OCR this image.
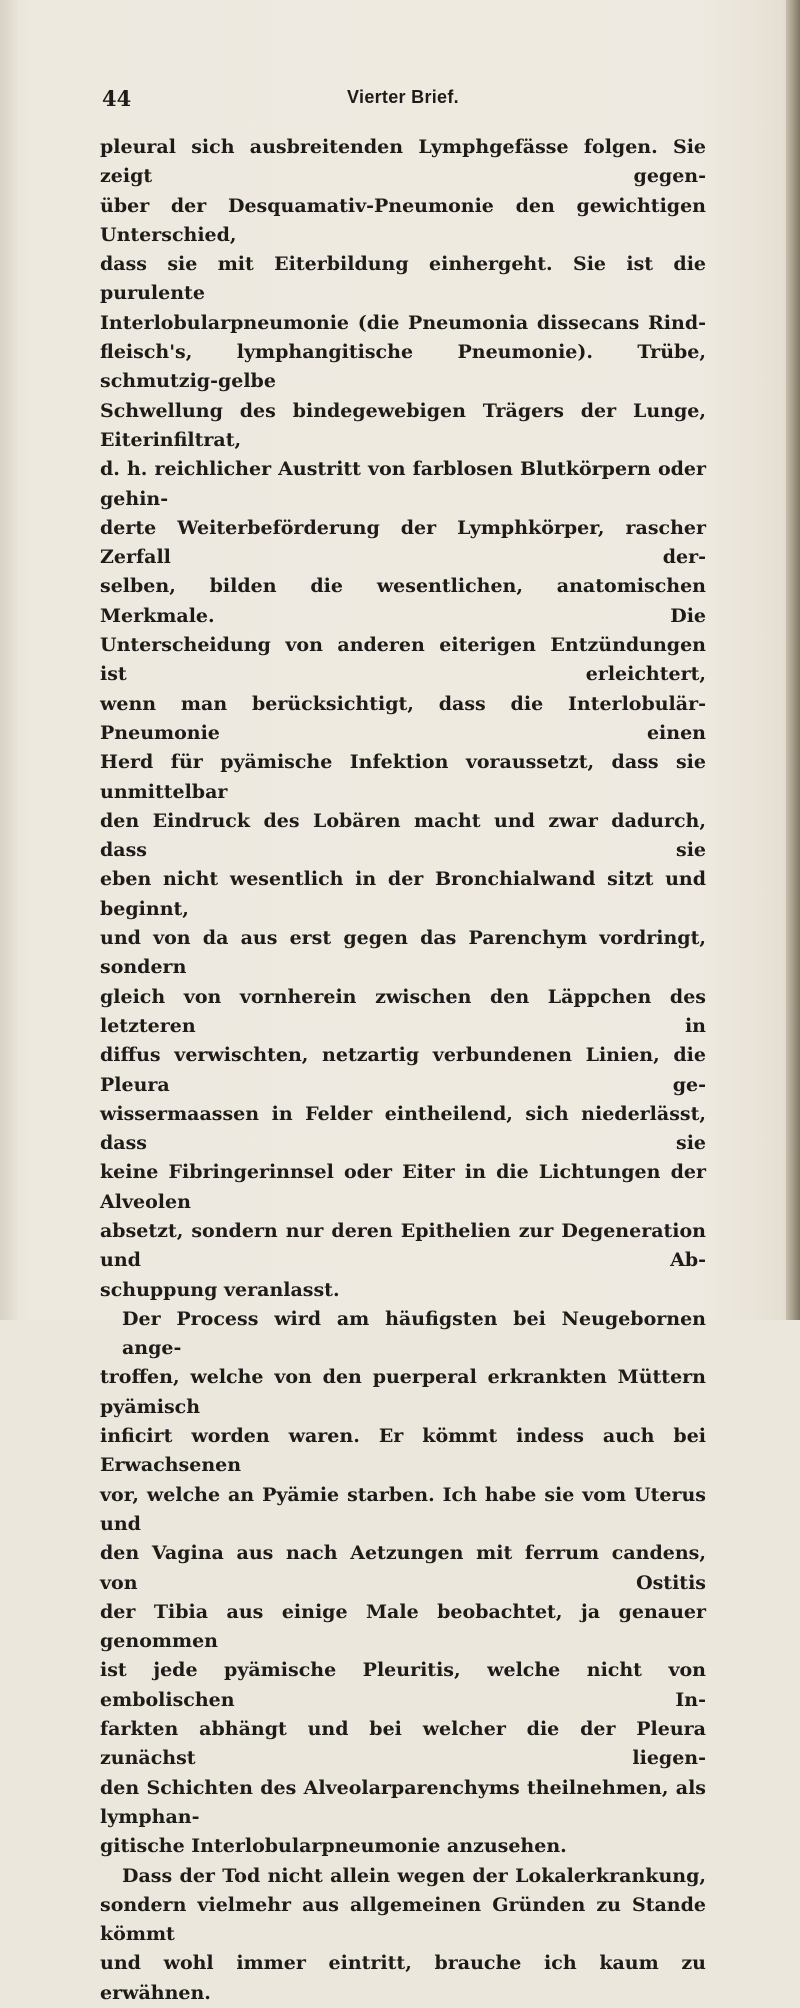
44	Vierter Brief.

pleural sich ausbreitenden Lymphgefässe folgen. Sie zeigt gegen-
über der Desquamativ-Pneumonie den gewichtigen Unterschied,
dass sie mit Eiterbildung einhergeht. Sie ist die purulente
Interlobularpneumonie (die Pneumonia dissecans Rind-
fleisch's, lymphangitische Pneumonie). Trübe, schmutzig-gelbe
Schwellung des bindegewebigen Trägers der Lunge, Eiterinfiltrat,
d. h. reichlicher Austritt von farblosen Blutkörpern oder gehin-
derte Weiterbeförderung der Lymphkörper, rascher Zerfall der-
selben, bilden die wesentlichen, anatomischen Merkmale. Die
Unterscheidung von anderen eiterigen Entzündungen ist erleichtert,
wenn man berücksichtigt, dass die Interlobulär-Pneumonie einen
Herd für pyämische Infektion voraussetzt, dass sie unmittelbar
den Eindruck des Lobären macht und zwar dadurch, dass sie
eben nicht wesentlich in der Bronchialwand sitzt und beginnt,
und von da aus erst gegen das Parenchym vordringt, sondern
gleich von vornherein zwischen den Läppchen des letzteren in
diffus verwischten, netzartig verbundenen Linien, die Pleura ge-
wissermaassen in Felder eintheilend, sich niederlässt, dass sie
keine Fibringerinnsel oder Eiter in die Lichtungen der Alveolen
absetzt, sondern nur deren Epithelien zur Degeneration und Ab-
schuppung veranlasst.

Der Process wird am häufigsten bei Neugebornen ange-
troffen, welche von den puerperal erkrankten Müttern pyämisch
inficirt worden waren. Er kömmt indess auch bei Erwachsenen
vor, welche an Pyämie starben. Ich habe sie vom Uterus und
den Vagina aus nach Aetzungen mit ferrum candens, von Ostitis
der Tibia aus einige Male beobachtet, ja genauer genommen
ist jede pyämische Pleuritis, welche nicht von embolischen In-
farkten abhängt und bei welcher die der Pleura zunächst liegen-
den Schichten des Alveolarparenchyms theilnehmen, als lymphan-
gitische Interlobularpneumonie anzusehen.

Dass der Tod nicht allein wegen der Lokalerkrankung,
sondern vielmehr aus allgemeinen Gründen zu Stande kömmt
und wohl immer eintritt, brauche ich kaum zu erwähnen.
